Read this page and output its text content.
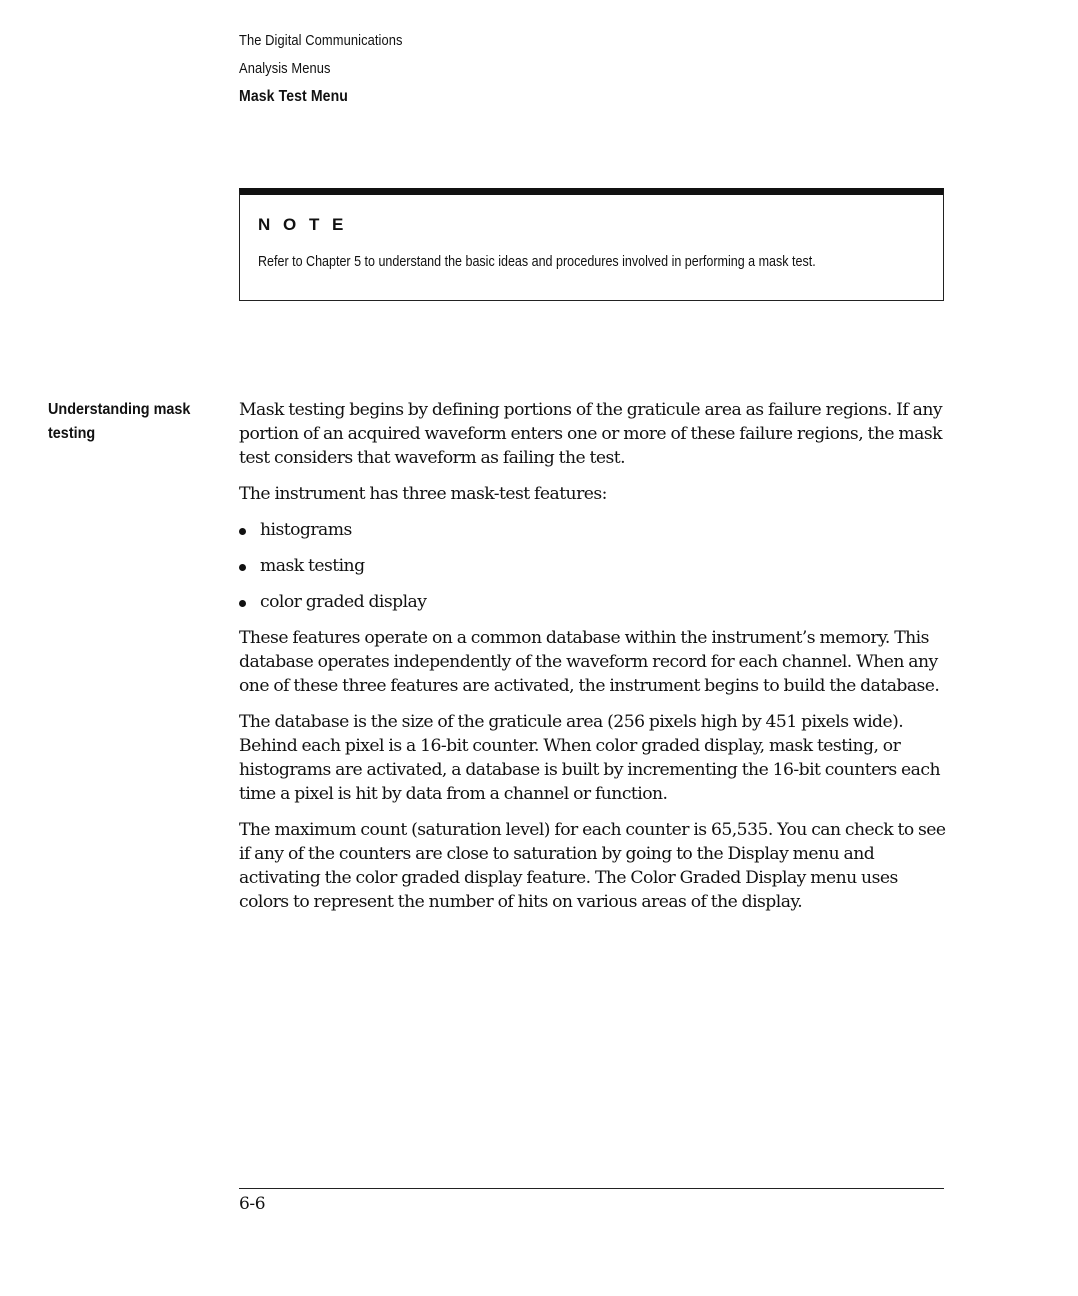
The Digital Communications
Analysis Menus
Mask Test Menu
N O T E
Refer to Chapter 5 to understand the basic ideas and procedures involved in performing a mask test.
Understanding mask testing

Mask testing begins by defining portions of the graticule area as failure regions. If any portion of an acquired waveform enters one or more of these failure regions, the mask test considers that waveform as failing the test.

The instrument has three mask-test features:

histograms
mask testing
color graded display

These features operate on a common database within the instrument’s memory. This database operates independently of the waveform record for each channel. When any one of these three features are activated, the instrument begins to build the database.

The database is the size of the graticule area (256 pixels high by 451 pixels wide). Behind each pixel is a 16-bit counter. When color graded display, mask testing, or histograms are activated, a database is built by incrementing the 16-bit counters each time a pixel is hit by data from a channel or function.

The maximum count (saturation level) for each counter is 65,535. You can check to see if any of the counters are close to saturation by going to the Display menu and activating the color graded display feature. The Color Graded Display menu uses colors to represent the number of hits on various areas of the display.

6-6
